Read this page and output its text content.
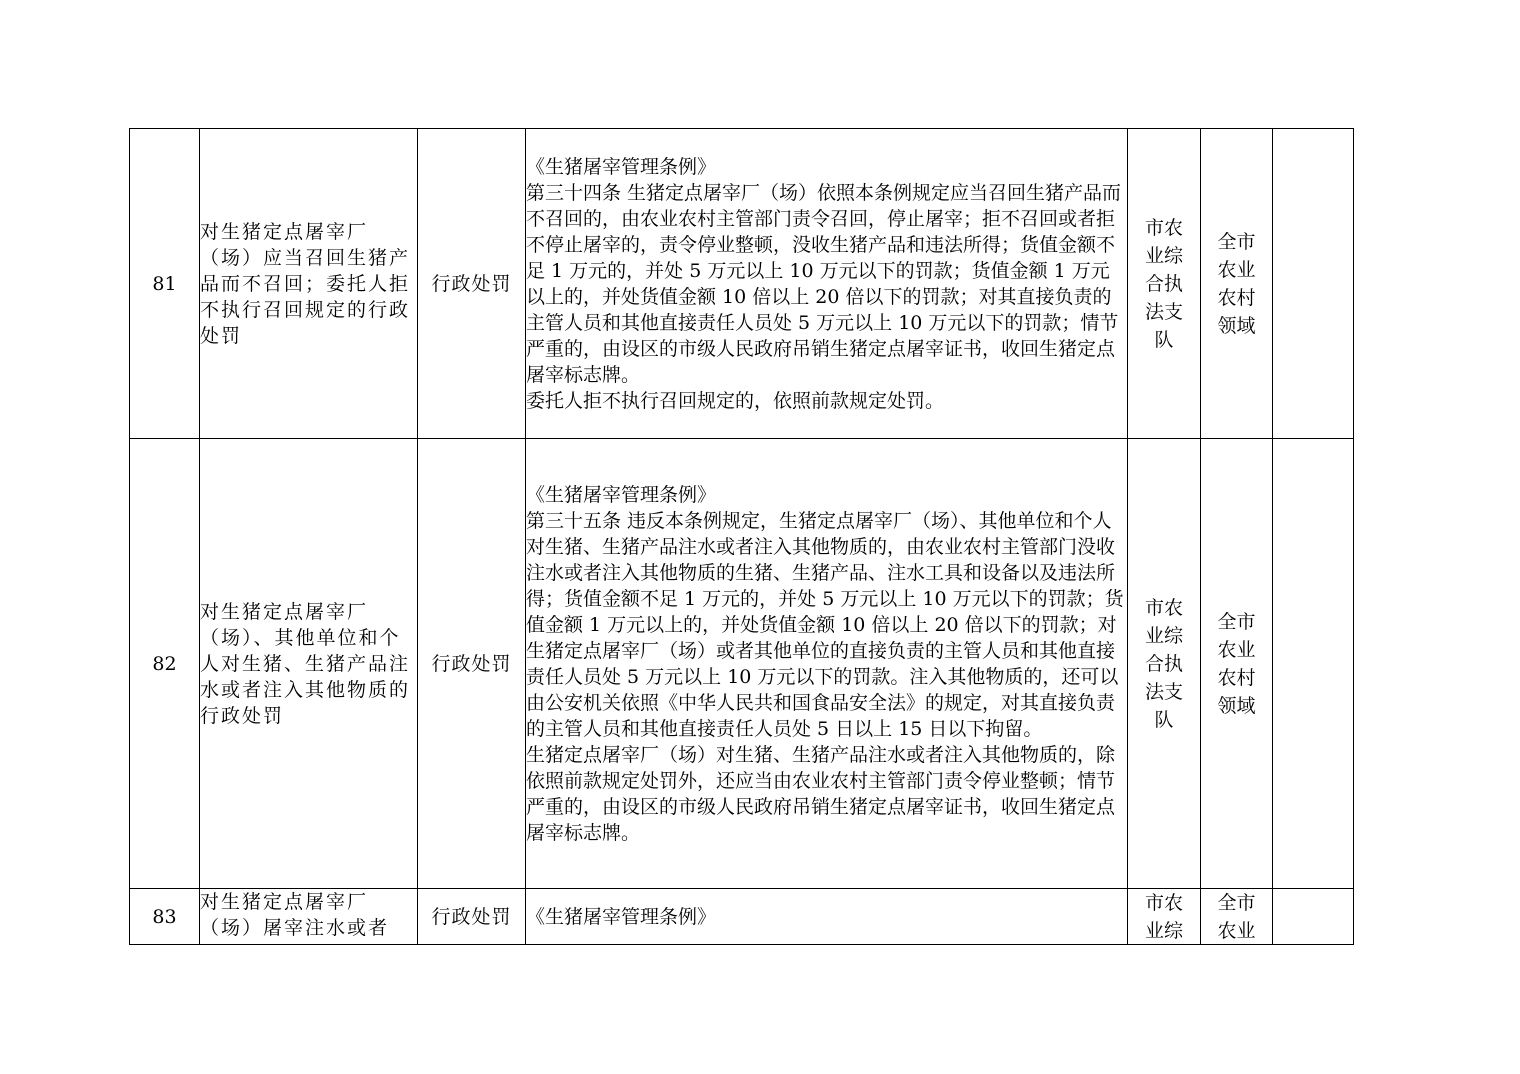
81	对生猪定点屠宰厂（场）应当召回生猪产品而不召回；委托人拒不执行召回规定的行政处罚	行政处罚	《生猪屠宰管理条例》

第三十四条 生猪定点屠宰厂（场）依照本条例规定应当召回生猪产品而不召回的，由农业农村主管部门责令召回，停止屠宰；拒不召回或者拒不停止屠宰的，责令停业整顿，没收生猪产品和违法所得；货值金额不足 1 万元的，并处 5 万元以上 10 万元以下的罚款；货值金额 1 万元以上的，并处货值金额 10 倍以上 20 倍以下的罚款；对其直接负责的主管人员和其他直接责任人员处 5 万元以上 10 万元以下的罚款；情节严重的，由设区的市级人民政府吊销生猪定点屠宰证书，收回生猪定点屠宰标志牌。

委托人拒不执行召回规定的，依照前款规定处罚。	市农业综合执法支队	全市农业农村领域	
82	对生猪定点屠宰厂（场）、其他单位和个人对生猪、生猪产品注水或者注入其他物质的行政处罚	行政处罚	《生猪屠宰管理条例》

第三十五条 违反本条例规定，生猪定点屠宰厂（场）、其他单位和个人对生猪、生猪产品注水或者注入其他物质的，由农业农村主管部门没收注水或者注入其他物质的生猪、生猪产品、注水工具和设备以及违法所得；货值金额不足 1 万元的，并处 5 万元以上 10 万元以下的罚款；货值金额 1 万元以上的，并处货值金额 10 倍以上 20 倍以下的罚款；对生猪定点屠宰厂（场）或者其他单位的直接负责的主管人员和其他直接责任人员处 5 万元以上 10 万元以下的罚款。注入其他物质的，还可以由公安机关依照《中华人民共和国食品安全法》的规定，对其直接负责的主管人员和其他直接责任人员处 5 日以上 15 日以下拘留。

生猪定点屠宰厂（场）对生猪、生猪产品注水或者注入其他物质的，除依照前款规定处罚外，还应当由农业农村主管部门责令停业整顿；情节严重的，由设区的市级人民政府吊销生猪定点屠宰证书，收回生猪定点屠宰标志牌。	市农业综合执法支队	全市农业农村领域	
83	对生猪定点屠宰厂（场）屠宰注水或者	行政处罚	《生猪屠宰管理条例》	市农业综	全市农业	
